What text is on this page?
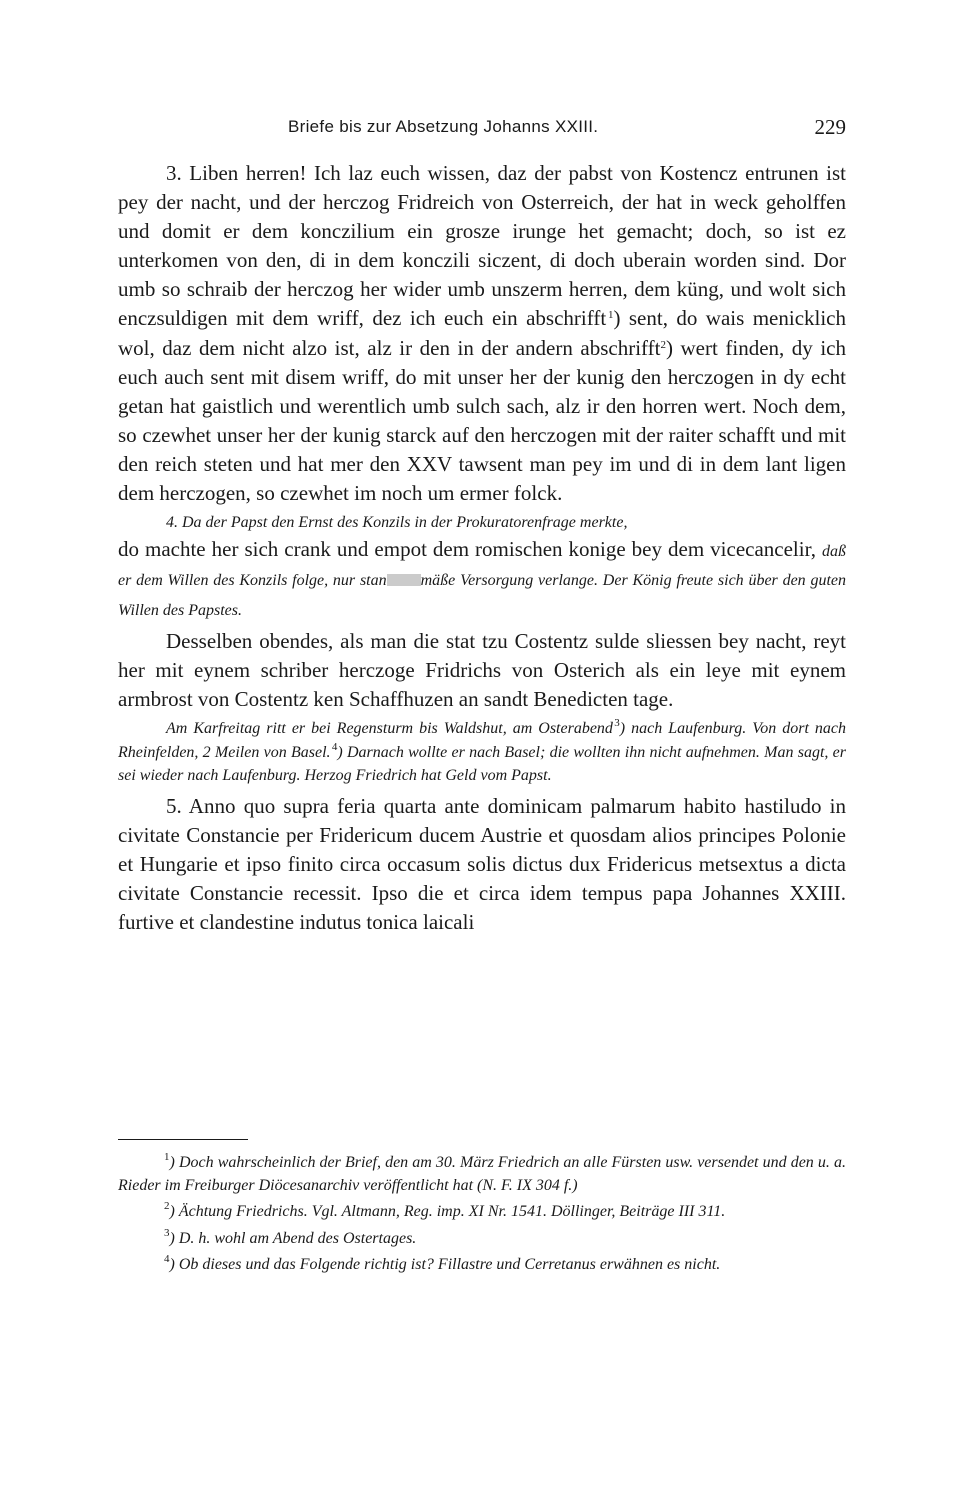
Briefe bis zur Absetzung Johanns XXIII.	229

3. Liben herren! Ich laz euch wissen, daz der pabst von Kostencz entrunen ist pey der nacht, und der herczog Fridreich von Osterreich, der hat in weck geholffen und domit er dem konczilium ein grosze irunge het gemacht; doch, so ist ez unterkomen von den, di in dem konczili siczent, di doch uberain worden sind. Dor umb so schraib der herczog her wider umb unszerm herren, dem küng, und wolt sich enczsuldigen mit dem wriff, dez ich euch ein abschrifft  $^1$) sent, do wais menicklich wol, daz dem nicht alzo ist, alz ir den in der andern abschrifft$^2$) wert finden, dy ich euch auch sent mit disem wriff, do mit unser her der kunig den herczogen in dy echt getan hat gaistlich und werentlich umb sulch sach, alz ir den horren wert. Noch dem, so czewhet unser her der kunig starck auf den herczogen mit der raiter schafft und mit den reich steten und hat mer den XXV tawsent man pey im und di in dem lant ligen dem herczogen, so czewhet im noch um ermer folck.

4. Da der Papst den Ernst des Konzils in der Prokuratorenfrage merkte,

do machte her sich crank und empot dem romischen konige bey dem vicecancelir, daß er dem Willen des Konzils folge, nur stan mäße Versorgung verlange. Der König freute sich über den guten Willen des Papstes.

Desselben obendes, als man die stat tzu Costentz sulde sliessen bey nacht, reyt her mit eynem schriber herczoge Fridrichs von Osterich als ein leye mit eynem armbrost von Costentz ken Schaffhuzen an sandt Benedicten tage.

Am Karfreitag ritt er bei Regensturm bis Waldshut, am Osterabend $^3$) nach Laufenburg. Von dort nach Rheinfelden, 2 Meilen von Basel. $^4$) Darnach wollte er nach Basel; die wollten ihn nicht aufnehmen. Man sagt, er sei wieder nach Laufenburg. Herzog Friedrich hat Geld vom Papst.

5. Anno quo supra feria quarta ante dominicam palmarum habito hastiludo in civitate Constancie per Fridericum ducem Austrie et quosdam alios principes Polonie et Hungarie et ipso finito circa occasum solis dictus dux Fridericus metsextus a dicta civitate Constancie recessit. Ipso die et circa idem tempus papa Johannes XXIII. furtive et clandestine indutus tonica laicali

$^1$) Doch wahrscheinlich der Brief, den am 30. März Friedrich an alle Fürsten usw. versendet und den u. a. Rieder im Freiburger Diöcesanarchiv veröffentlicht hat (N. F. IX 304 f.)

$^2$) Ächtung Friedrichs. Vgl. Altmann, Reg. imp. XI Nr. 1541. Döllinger, Beiträge III 311.

$^3$) D. h. wohl am Abend des Ostertages.

$^4$) Ob dieses und das Folgende richtig ist? Fillastre und Cerretanus erwähnen es nicht.
